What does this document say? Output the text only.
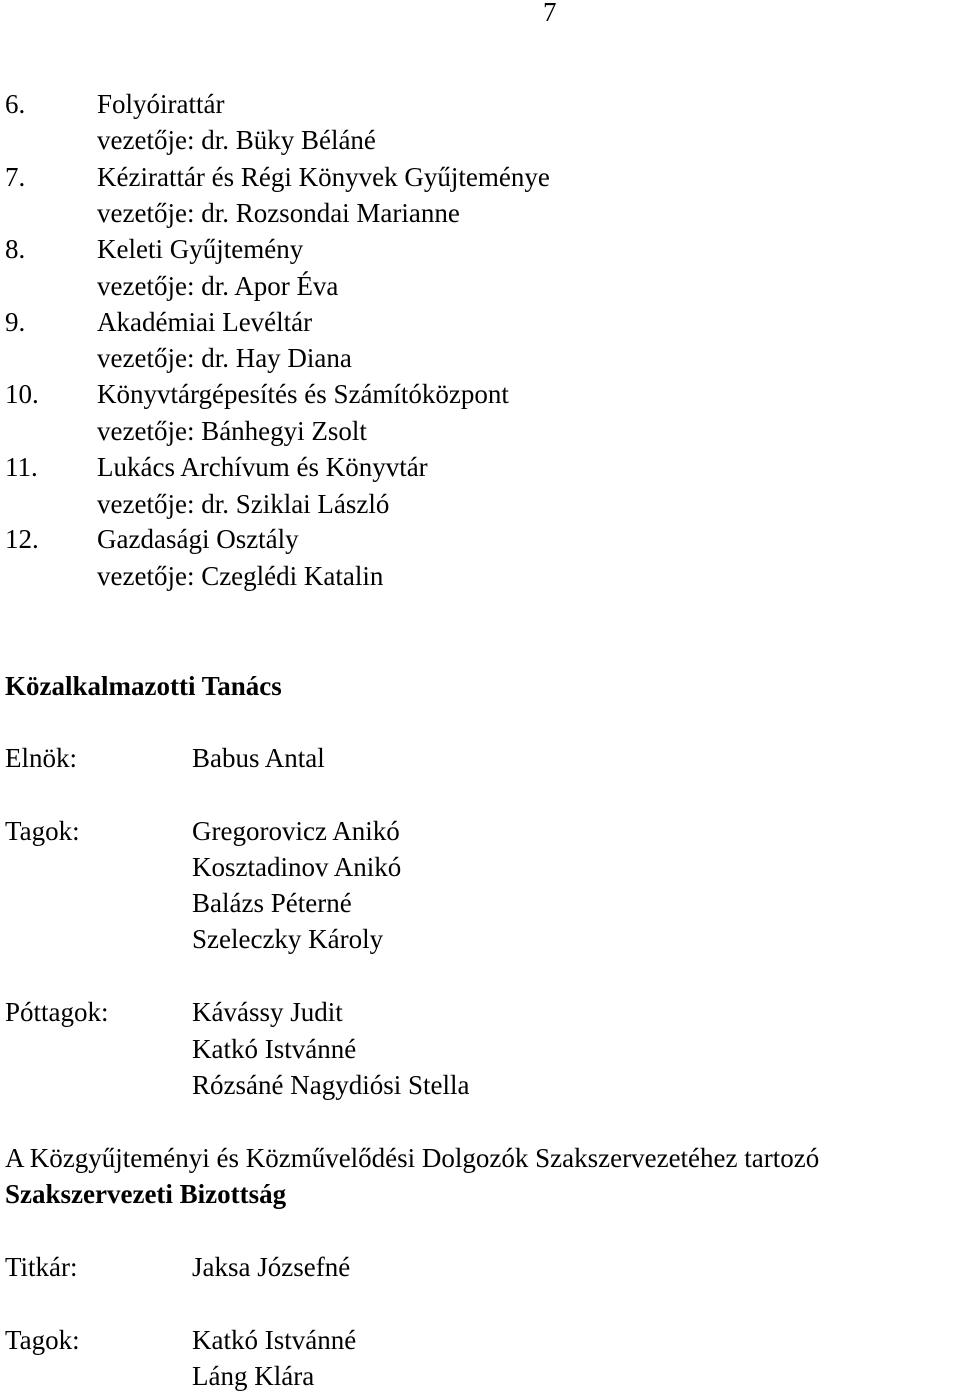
7
6.	Folyóirattár
vezetője: dr. Büky Béláné
7.	Kézirattár és Régi Könyvek Gyűjteménye
vezetője: dr. Rozsondai Marianne
8.	Keleti Gyűjtemény
vezetője: dr. Apor Éva
9.	Akadémiai Levéltár
vezetője: dr. Hay Diana
10. Könyvtárgépesítés és Számítóközpont
vezetője: Bánhegyi Zsolt
11. Lukács Archívum és Könyvtár
vezetője: dr. Sziklai László
12. Gazdasági Osztály
vezetője: Czeglédi Katalin
Közalkalmazotti Tanács
Elnök:	Babus Antal
Tagok:	Gregorovicz Anikó
Kosztadinov Anikó
Balázs Péterné
Szeleczky Károly
Póttagok:	Kávássy Judit
Katkó Istvánné
Rózsáné Nagydiósi Stella
A Közgyűjteményi és Közművelődési Dolgozók Szakszervezetéhez tartozó
Szakszervezeti Bizottság
Titkár:	Jaksa Józsefné
Tagok:	Katkó Istvánné
Láng Klára
